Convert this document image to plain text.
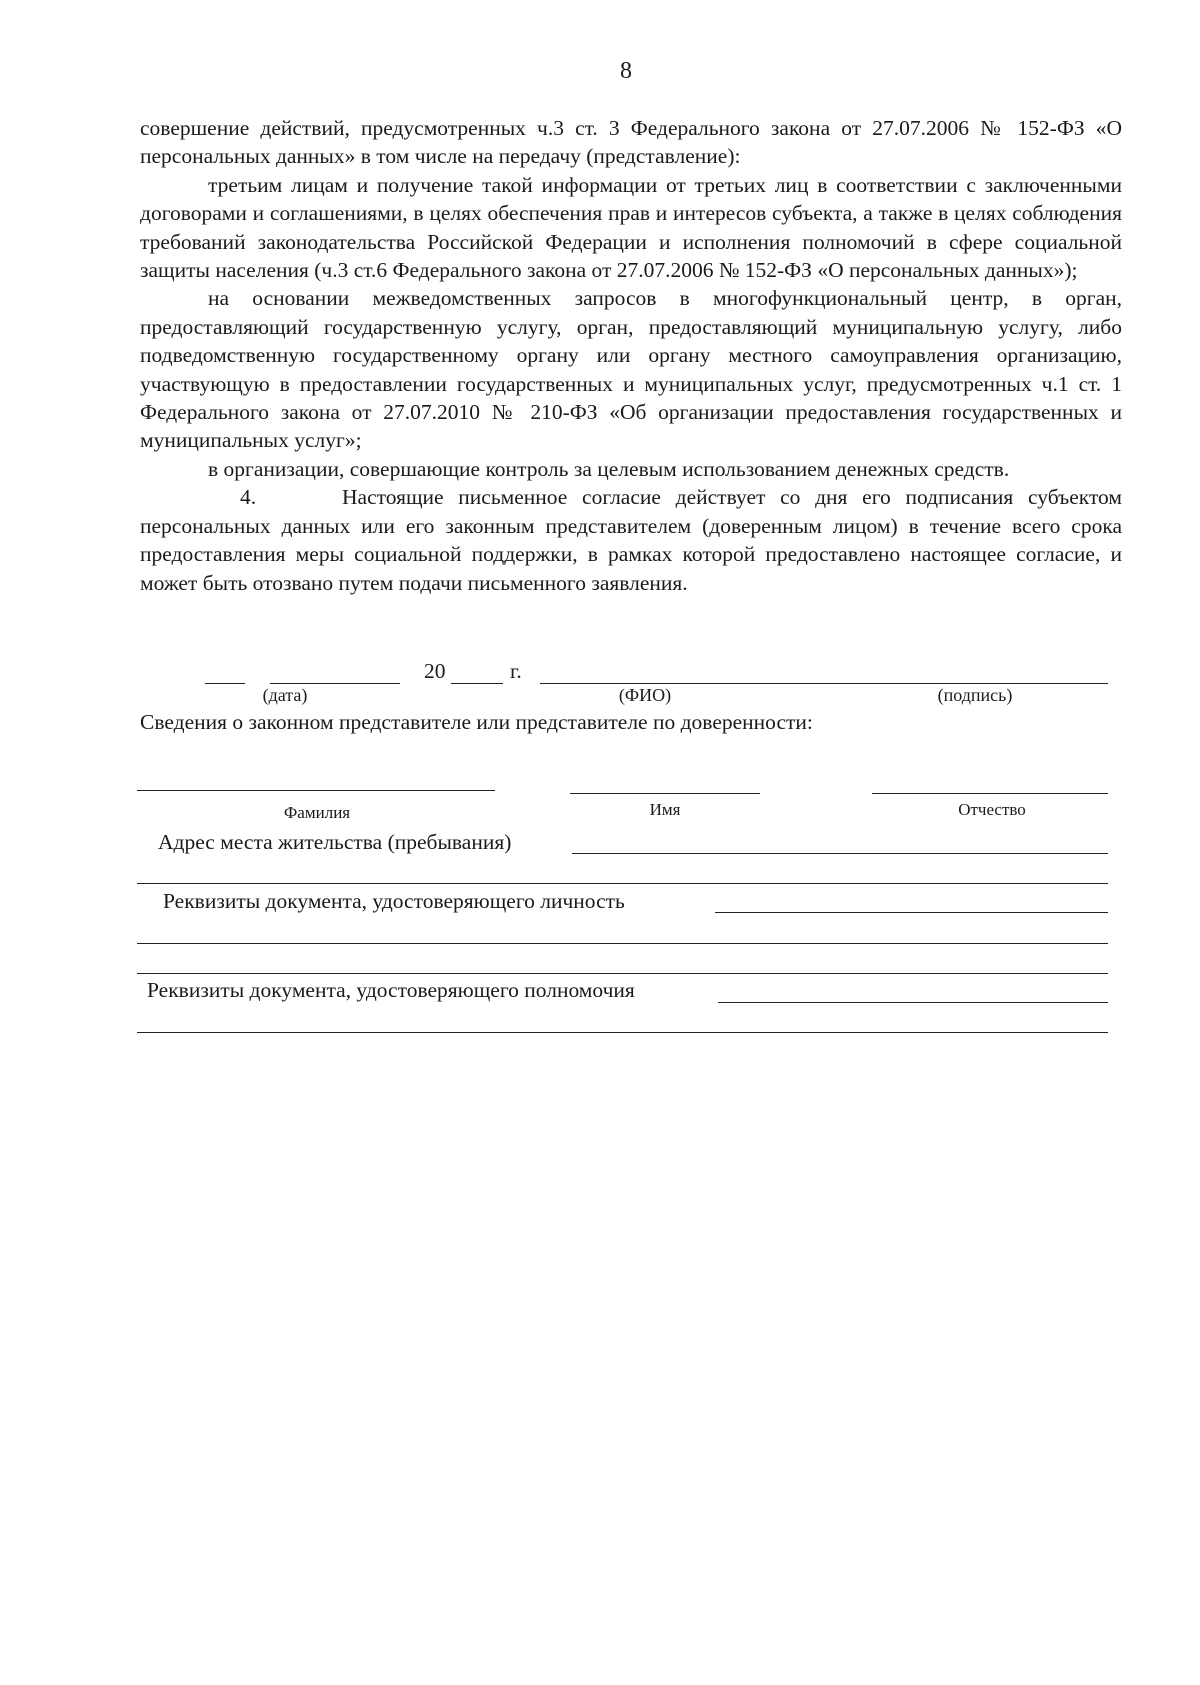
8

совершение действий, предусмотренных ч.3 ст. 3 Федерального закона от 27.07.2006 № 152-ФЗ «О персональных данных» в том числе на передачу (представление):

третьим лицам и получение такой информации от третьих лиц в соответствии с заключенными договорами и соглашениями, в целях обеспечения прав и интересов субъекта, а также в целях соблюдения требований законодательства Российской Федерации и исполнения полномочий в сфере социальной защиты населения (ч.3 ст.6 Федерального закона от 27.07.2006 № 152-ФЗ «О персональных данных»);

на основании межведомственных запросов в многофункциональный центр, в орган, предоставляющий государственную услугу, орган, предоставляющий муниципальную услугу, либо подведомственную государственному органу или органу местного самоуправления организацию, участвующую в предоставлении государственных и муниципальных услуг, предусмотренных ч.1 ст. 1 Федерального закона от 27.07.2010 № 210-ФЗ «Об организации предоставления государственных и муниципальных услуг»;

в организации, совершающие контроль за целевым использованием денежных средств.

4.	Настоящие письменное согласие действует со дня его подписания субъектом персональных данных или его законным представителем (доверенным лицом) в течение всего срока предоставления меры социальной поддержки, в рамках которой предоставлено настоящее согласие, и может быть отозвано путем подачи письменного заявления.

20	г.
(дата)	(ФИО)	(подпись)
Сведения о законном представителе или представителе по доверенности:
Фамилия	Имя	Отчество
Адрес места жительства (пребывания)
Реквизиты документа, удостоверяющего личность
Реквизиты документа, удостоверяющего полномочия
